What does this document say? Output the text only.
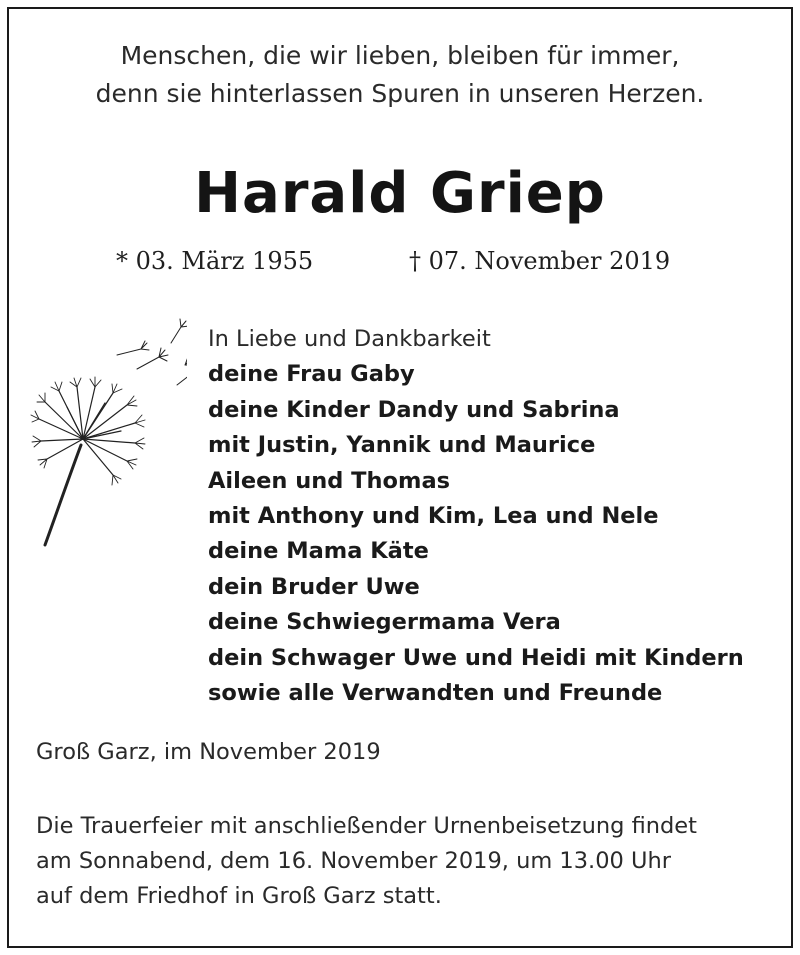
Menschen, die wir lieben, bleiben für immer,
denn sie hinterlassen Spuren in unseren Herzen.
Harald Griep
* 03. März 1955	† 07. November 2019
In Liebe und Dankbarkeit
deine Frau Gaby
deine Kinder Dandy und Sabrina
mit Justin, Yannik und Maurice
Aileen und Thomas
mit Anthony und Kim, Lea und Nele
deine Mama Käte
dein Bruder Uwe
deine Schwiegermama Vera
dein Schwager Uwe und Heidi mit Kindern
sowie alle Verwandten und Freunde
Groß Garz, im November 2019
Die Trauerfeier mit anschließender Urnenbeisetzung findet
am Sonnabend, dem 16. November 2019, um 13.00 Uhr
auf dem Friedhof in Groß Garz statt.
